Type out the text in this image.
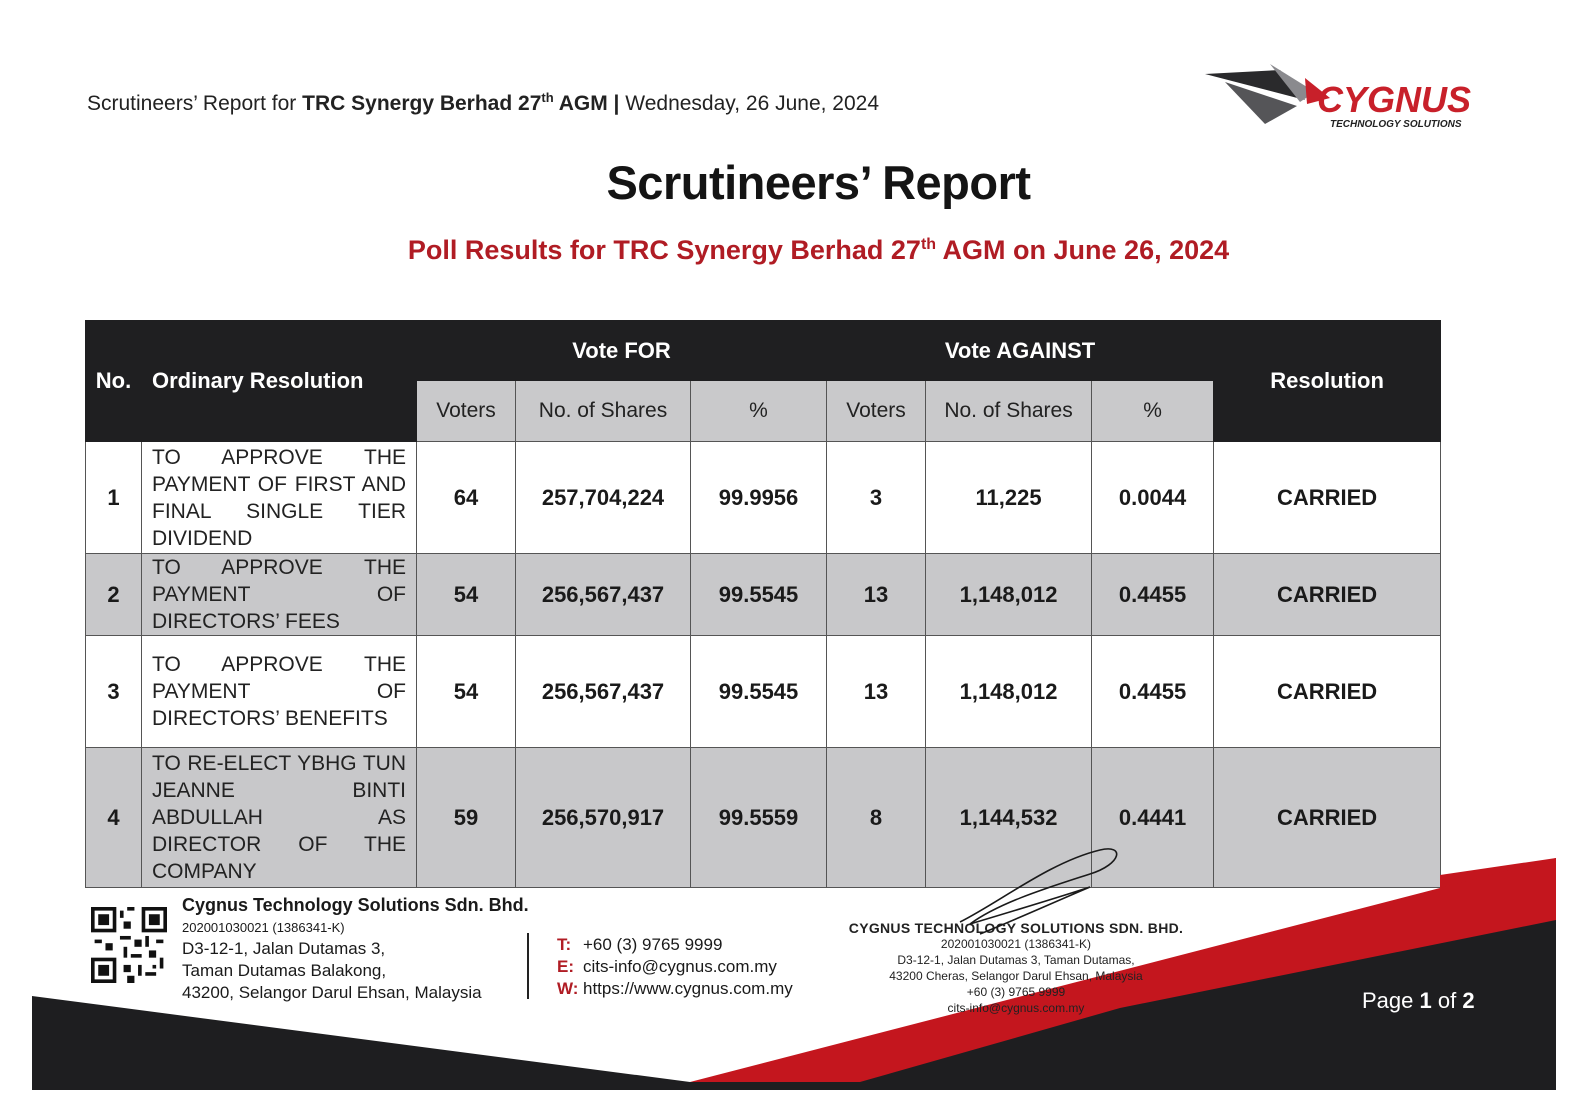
Scrutineers’ Report for TRC Synergy Berhad 27th AGM | Wednesday, 26 June, 2024	CYGNUS
TECHNOLOGY SOLUTIONS
Scrutineers’ Report
Poll Results for TRC Synergy Berhad 27th AGM on June 26, 2024
No.	Ordinary Resolution	Vote FOR			Vote AGAINST			Resolution
		Voters	No. of Shares	%	Voters	No. of Shares	%	
1	TO APPROVE THE PAYMENT OF FIRST AND FINAL SINGLE TIER DIVIDEND	64	257,704,224	99.9956	3	11,225	0.0044	CARRIED
2	TO APPROVE THE PAYMENT OF DIRECTORS’ FEES	54	256,567,437	99.5545	13	1,148,012	0.4455	CARRIED
3	TO APPROVE THE PAYMENT OF DIRECTORS’ BENEFITS	54	256,567,437	99.5545	13	1,148,012	0.4455	CARRIED
4	TO RE-ELECT YBHG TUN JEANNE BINTI ABDULLAH AS DIRECTOR OF THE COMPANY	59	256,570,917	99.5559	8	1,144,532	0.4441	CARRIED
Cygnus Technology Solutions Sdn. Bhd.
202001030021 (1386341-K)
D3-12-1, Jalan Dutamas 3,
Taman Dutamas Balakong,
43200, Selangor Darul Ehsan, Malaysia
T: +60 (3) 9765 9999
E: cits-info@cygnus.com.my
W: https://www.cygnus.com.my
CYGNUS TECHNOLOGY SOLUTIONS SDN. BHD.
202001030021 (1386341-K)
D3-12-1, Jalan Dutamas 3, Taman Dutamas,
43200 Cheras, Selangor Darul Ehsan, Malaysia
+60 (3) 9765 9999
cits-info@cygnus.com.my	Page 1 of 2
